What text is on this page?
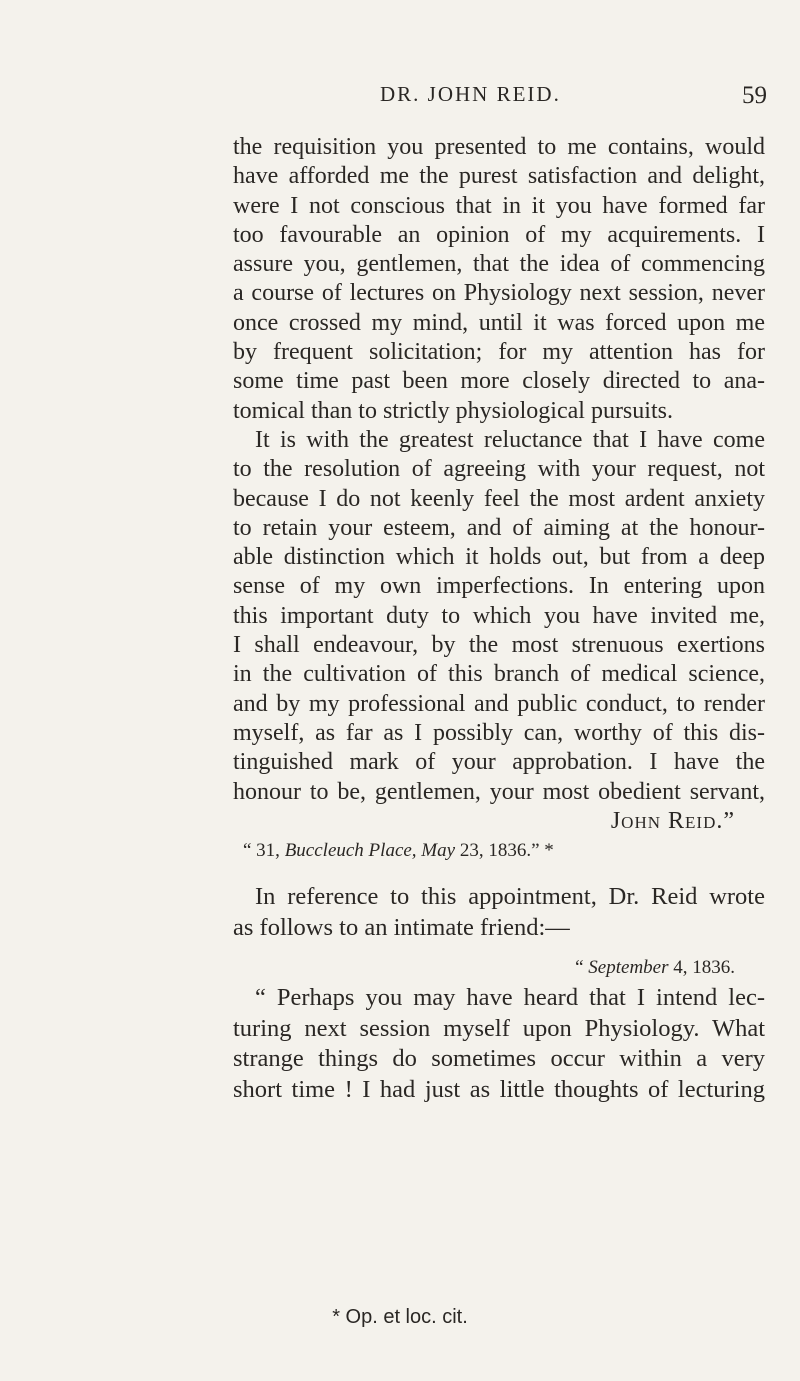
DR. JOHN REID.	59
the requisition you presented to me contains, would
have afforded me the purest satisfaction and delight,
were I not conscious that in it you have formed far
too favourable an opinion of my acquirements. I
assure you, gentlemen, that the idea of commencing
a course of lectures on Physiology next session, never
once crossed my mind, until it was forced upon me
by frequent solicitation; for my attention has for
some time past been more closely directed to ana-
tomical than to strictly physiological pursuits.
It is with the greatest reluctance that I have come
to the resolution of agreeing with your request, not
because I do not keenly feel the most ardent anxiety
to retain your esteem, and of aiming at the honour-
able distinction which it holds out, but from a deep
sense of my own imperfections. In entering upon
this important duty to which you have invited me,
I shall endeavour, by the most strenuous exertions
in the cultivation of this branch of medical science,
and by my professional and public conduct, to render
myself, as far as I possibly can, worthy of this dis-
tinguished mark of your approbation. I have the
honour to be, gentlemen, your most obedient servant,
John Reid.”
“ 31, Buccleuch Place, May 23, 1836.” *
In reference to this appointment, Dr. Reid wrote
as follows to an intimate friend:—
“ September 4, 1836.
“ Perhaps you may have heard that I intend lec-
turing next session myself upon Physiology. What
strange things do sometimes occur within a very
short time ! I had just as little thoughts of lecturing
* Op. et loc. cit.
